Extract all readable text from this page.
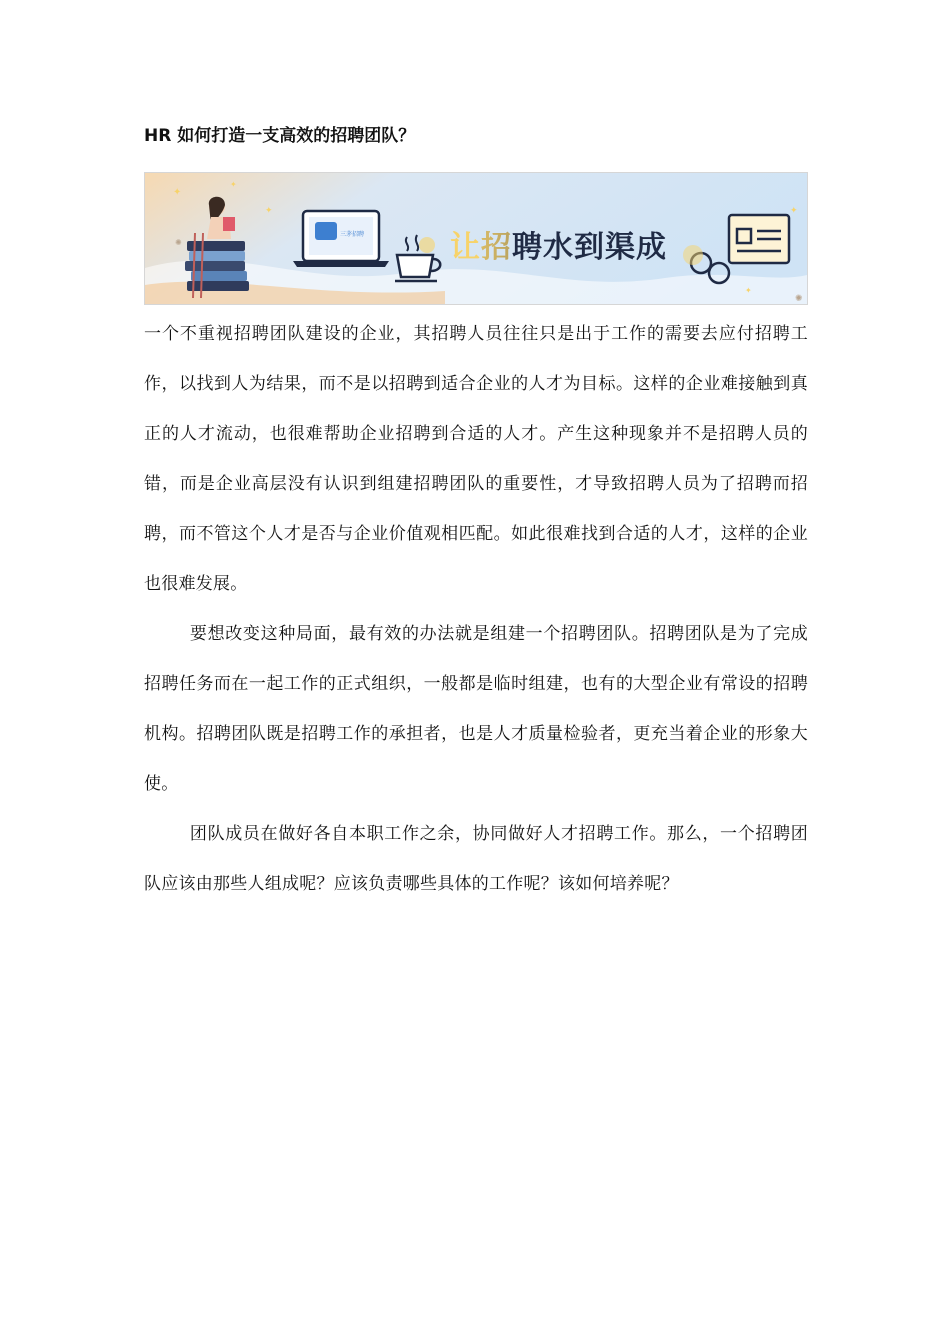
HR 如何打造一支高效的招聘团队？
✦
✦
✦	✦
✦
✺
✺
三茅招聘	让招聘水到渠成

一个不重视招聘团队建设的企业，其招聘人员往往只是出于工作的需要去应付招聘工作，以找到人为结果，而不是以招聘到适合企业的人才为目标。这样的企业难接触到真正的人才流动，也很难帮助企业招聘到合适的人才。产生这种现象并不是招聘人员的错，而是企业高层没有认识到组建招聘团队的重要性，才导致招聘人员为了招聘而招聘，而不管这个人才是否与企业价值观相匹配。如此很难找到合适的人才，这样的企业也很难发展。

要想改变这种局面，最有效的办法就是组建一个招聘团队。招聘团队是为了完成招聘任务而在一起工作的正式组织，一般都是临时组建，也有的大型企业有常设的招聘机构。招聘团队既是招聘工作的承担者，也是人才质量检验者，更充当着企业的形象大使。

团队成员在做好各自本职工作之余，协同做好人才招聘工作。那么，一个招聘团队应该由那些人组成呢？应该负责哪些具体的工作呢？该如何培养呢？
